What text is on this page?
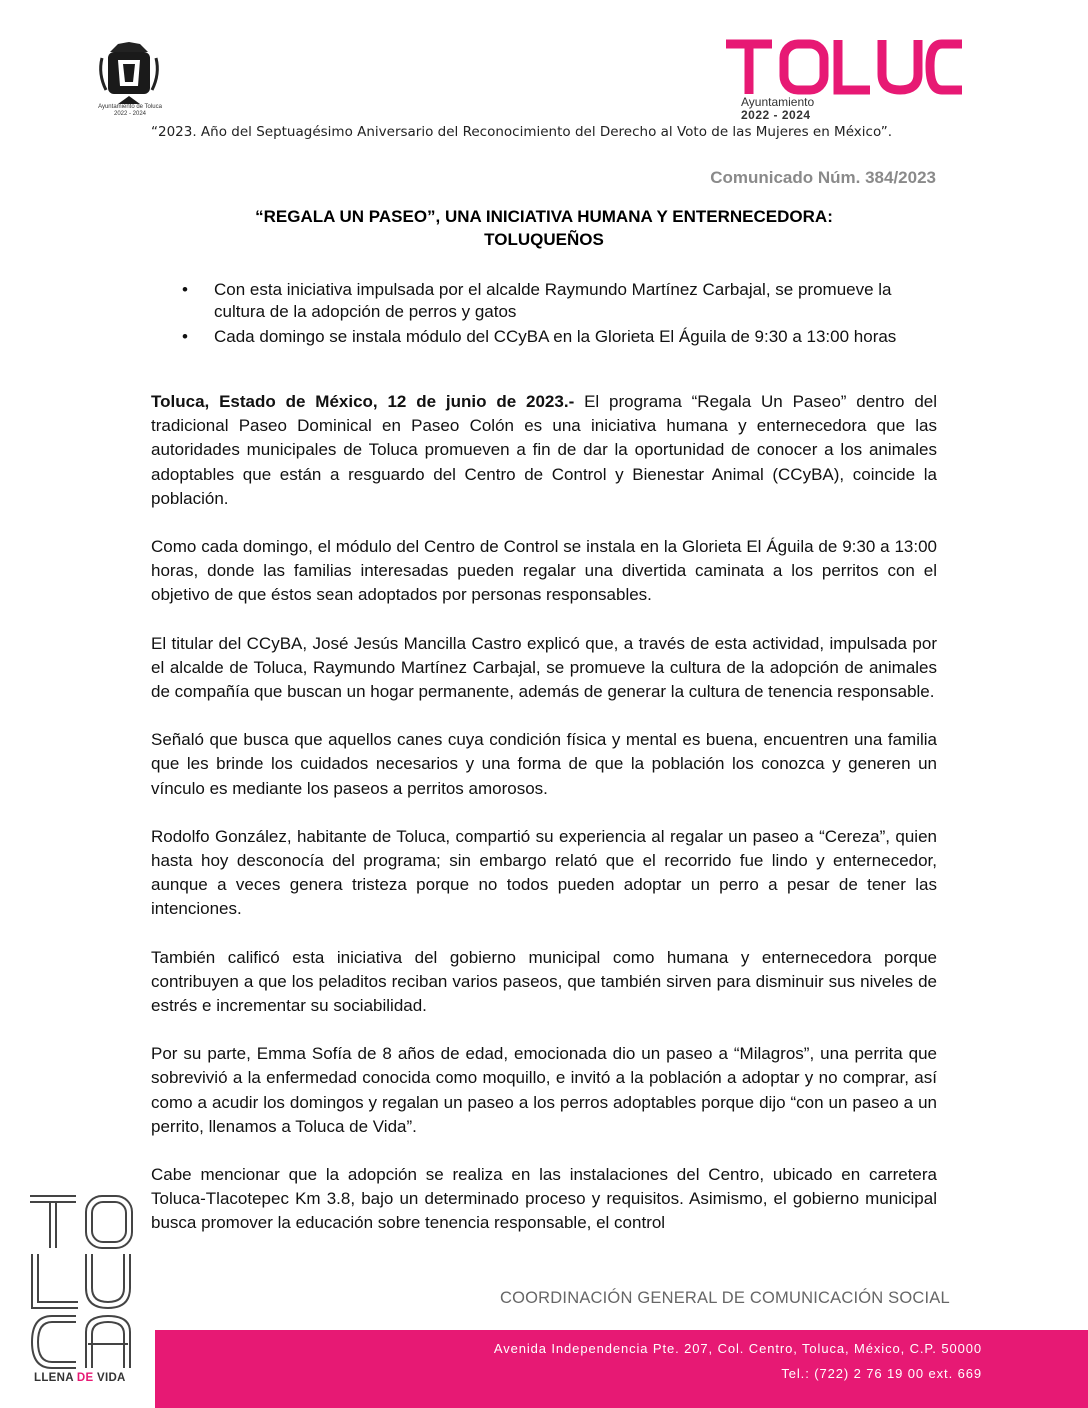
Ayuntamiento de Toluca
2022 - 2024
TOLUCA
Ayuntamiento
2022 - 2024
“2023. Año del Septuagésimo Aniversario del Reconocimiento del Derecho al Voto de las Mujeres en México”.
Comunicado Núm. 384/2023
“REGALA UN PASEO”, UNA INICIATIVA HUMANA Y ENTERNECEDORA:
TOLUQUEÑOS
• Con esta iniciativa impulsada por el alcalde Raymundo Martínez Carbajal, se promueve la cultura de la adopción de perros y gatos
• Cada domingo se instala módulo del CCyBA en la Glorieta El Águila de 9:30 a 13:00 horas

Toluca, Estado de México, 12 de junio de 2023.- El programa “Regala Un Paseo” dentro del tradicional Paseo Dominical en Paseo Colón es una iniciativa humana y enternecedora que las autoridades municipales de Toluca promueven a fin de dar la oportunidad de conocer a los animales adoptables que están a resguardo del Centro de Control y Bienestar Animal (CCyBA), coincide la población.

Como cada domingo, el módulo del Centro de Control se instala en la Glorieta El Águila de 9:30 a 13:00 horas, donde las familias interesadas pueden regalar una divertida caminata a los perritos con el objetivo de que éstos sean adoptados por personas responsables.

El titular del CCyBA, José Jesús Mancilla Castro explicó que, a través de esta actividad, impulsada por el alcalde de Toluca, Raymundo Martínez Carbajal, se promueve la cultura de la adopción de animales de compañía que buscan un hogar permanente, además de generar la cultura de tenencia responsable.

Señaló que busca que aquellos canes cuya condición física y mental es buena, encuentren una familia que les brinde los cuidados necesarios y una forma de que la población los conozca y generen un vínculo es mediante los paseos a perritos amorosos.

Rodolfo González, habitante de Toluca, compartió su experiencia al regalar un paseo a “Cereza”, quien hasta hoy desconocía del programa; sin embargo relató que el recorrido fue lindo y enternecedor, aunque a veces genera tristeza porque no todos pueden adoptar un perro a pesar de tener las intenciones.

También calificó esta iniciativa del gobierno municipal como humana y enternecedora porque contribuyen a que los peladitos reciban varios paseos, que también sirven para disminuir sus niveles de estrés e incrementar su sociabilidad.

Por su parte, Emma Sofía de 8 años de edad, emocionada dio un paseo a “Milagros”, una perrita que sobrevivió a la enfermedad conocida como moquillo, e invitó a la población a adoptar y no comprar, así como a acudir los domingos y regalan un paseo a los perros adoptables porque dijo “con un paseo a un perrito, llenamos a Toluca de Vida”.

Cabe mencionar que la adopción se realiza en las instalaciones del Centro, ubicado en carretera Toluca-Tlacotepec Km 3.8, bajo un determinado proceso y requisitos. Asimismo, el gobierno municipal busca promover la educación sobre tenencia responsable, el control

LLENA DE VIDA
COORDINACIÓN GENERAL DE COMUNICACIÓN SOCIAL
Avenida Independencia Pte. 207, Col. Centro, Toluca, México, C.P. 50000
Tel.: (722) 2 76 19 00 ext. 669
